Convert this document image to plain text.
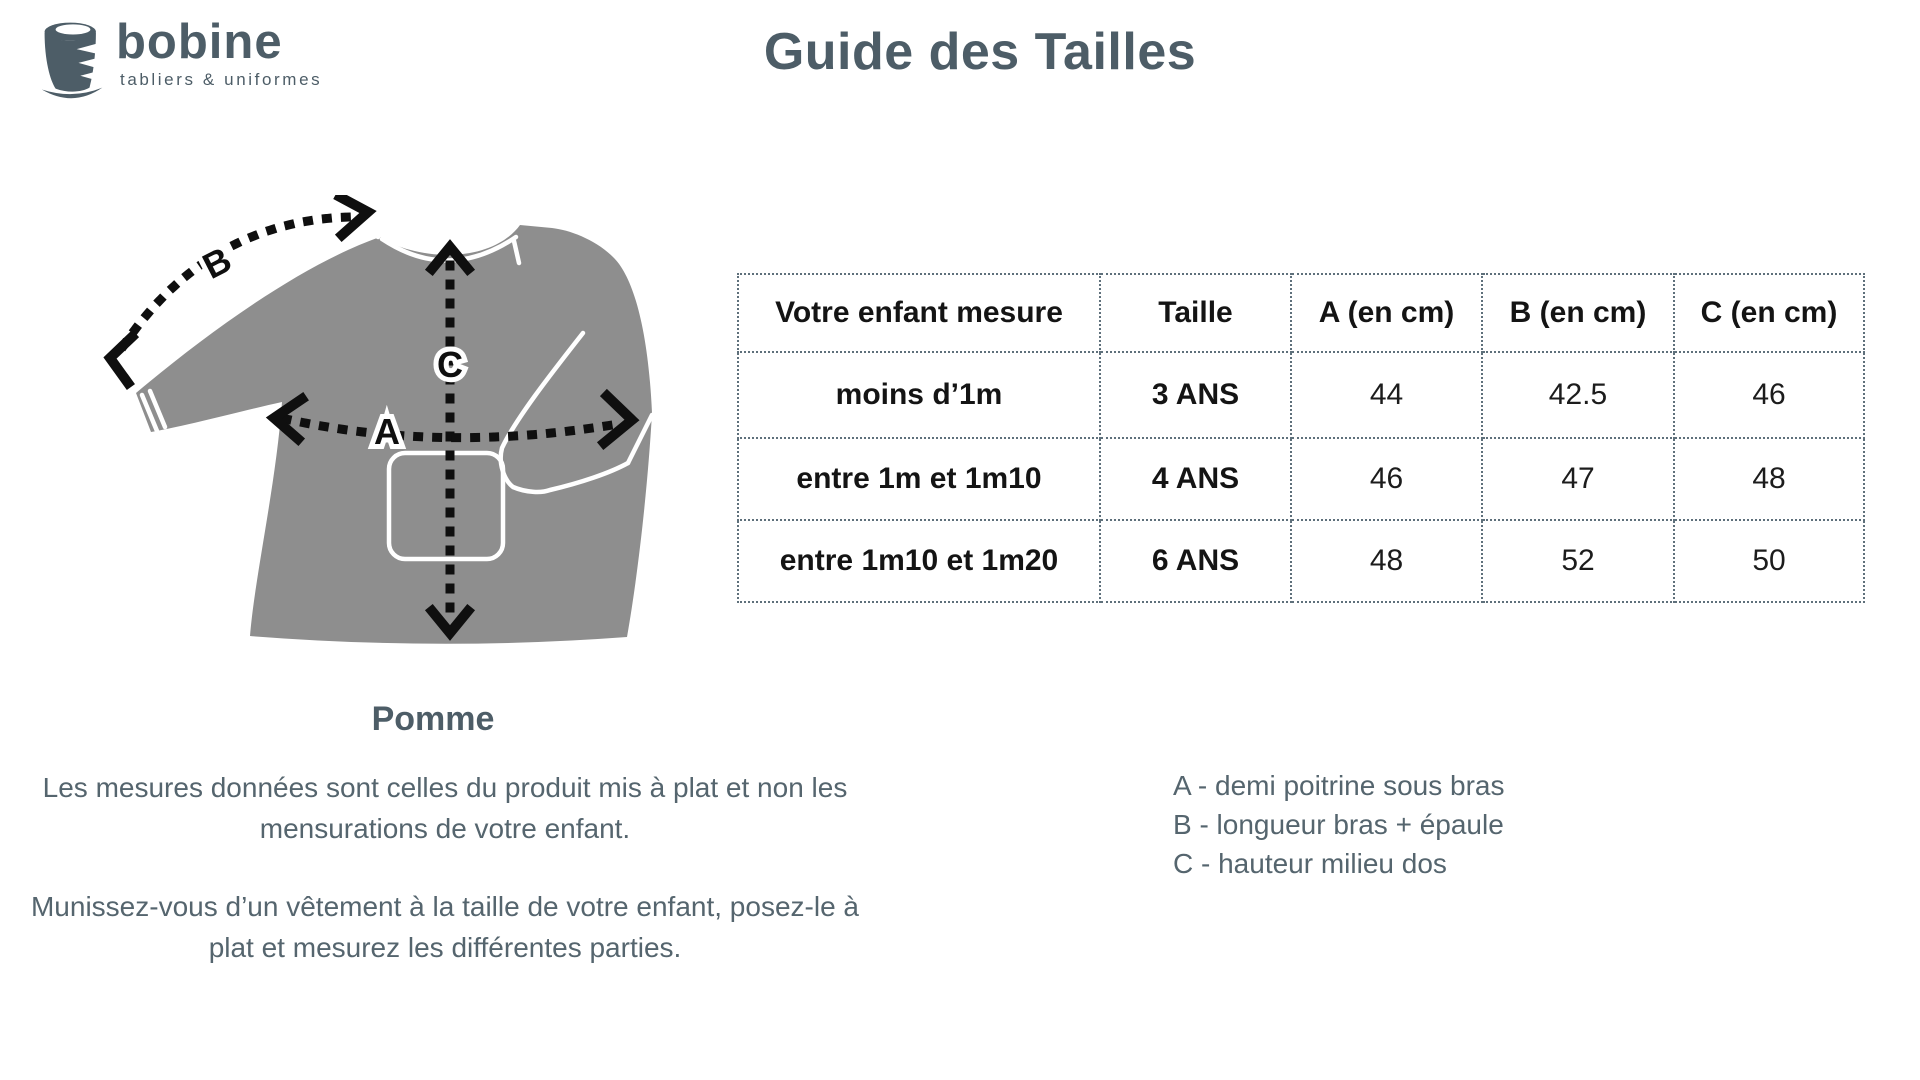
bobine
tabliers & uniformes	Guide des Tailles
B
C
A
Pomme
Votre enfant mesure	Taille	A (en cm)	B (en cm)	C (en cm)
moins d’1m	3 ANS	44	42.5	46
entre 1m et 1m10	4 ANS	46	47	48
entre 1m10 et 1m20	6 ANS	48	52	50

Les mesures données sont celles du produit mis à plat et non les mensurations de votre enfant.

Munissez-vous d’un vêtement à la taille de votre enfant, posez-le à plat et mesurez les différentes parties.

A - demi poitrine sous bras
B - longueur bras + épaule
C - hauteur milieu dos
